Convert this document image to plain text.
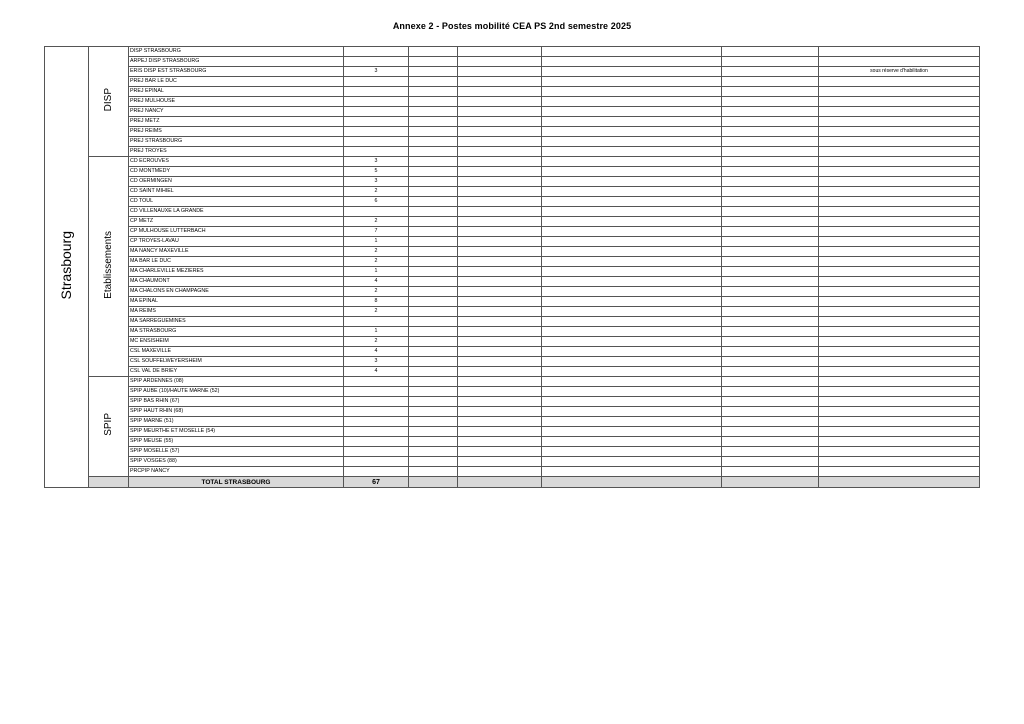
Annexe 2 - Postes mobilité CEA PS 2nd semestre 2025
Strasbourg	DISP	DISP STRASBOURG						
		ARPEJ DISP STRASBOURG						
		ERIS DISP EST STRASBOURG	3					sous réserve d'habilitation
		PREJ BAR LE DUC						
		PREJ EPINAL						
		PREJ MULHOUSE						
		PREJ NANCY						
		PREJ METZ						
		PREJ REIMS						
		PREJ STRASBOURG						
		PREJ TROYES						
	Etablissements	CD ECROUVES	3					
		CD MONTMEDY	5					
		CD OERMINGEN	3					
		CD SAINT MIHIEL	2					
		CD TOUL	6					
		CD VILLENAUXE LA GRANDE						
		CP METZ	2					
		CP MULHOUSE LUTTERBACH	7					
		CP TROYES-LAVAU	1					
		MA NANCY MAXEVILLE	2					
		MA BAR LE DUC	2					
		MA CHARLEVILLE MEZIERES	1					
		MA CHAUMONT	4					
		MA CHALONS EN CHAMPAGNE	2					
		MA EPINAL	8					
		MA REIMS	2					
		MA SARREGUEMINES						
		MA STRASBOURG	1					
		MC ENSISHEIM	2					
		CSL MAXEVILLE	4					
		CSL SOUFFELWEYERSHEIM	3					
		CSL VAL DE BRIEY	4					
	SPIP	SPIP ARDENNES (08)						
		SPIP AUBE (10)/HAUTE MARNE (52)						
		SPIP BAS RHIN (67)						
		SPIP HAUT RHIN (68)						
		SPIP MARNE (51)						
		SPIP MEURTHE ET MOSELLE (54)						
		SPIP MEUSE (55)						
		SPIP MOSELLE (57)						
		SPIP VOSGES (88)						
		PRCPIP NANCY						
		TOTAL STRASBOURG	67					
